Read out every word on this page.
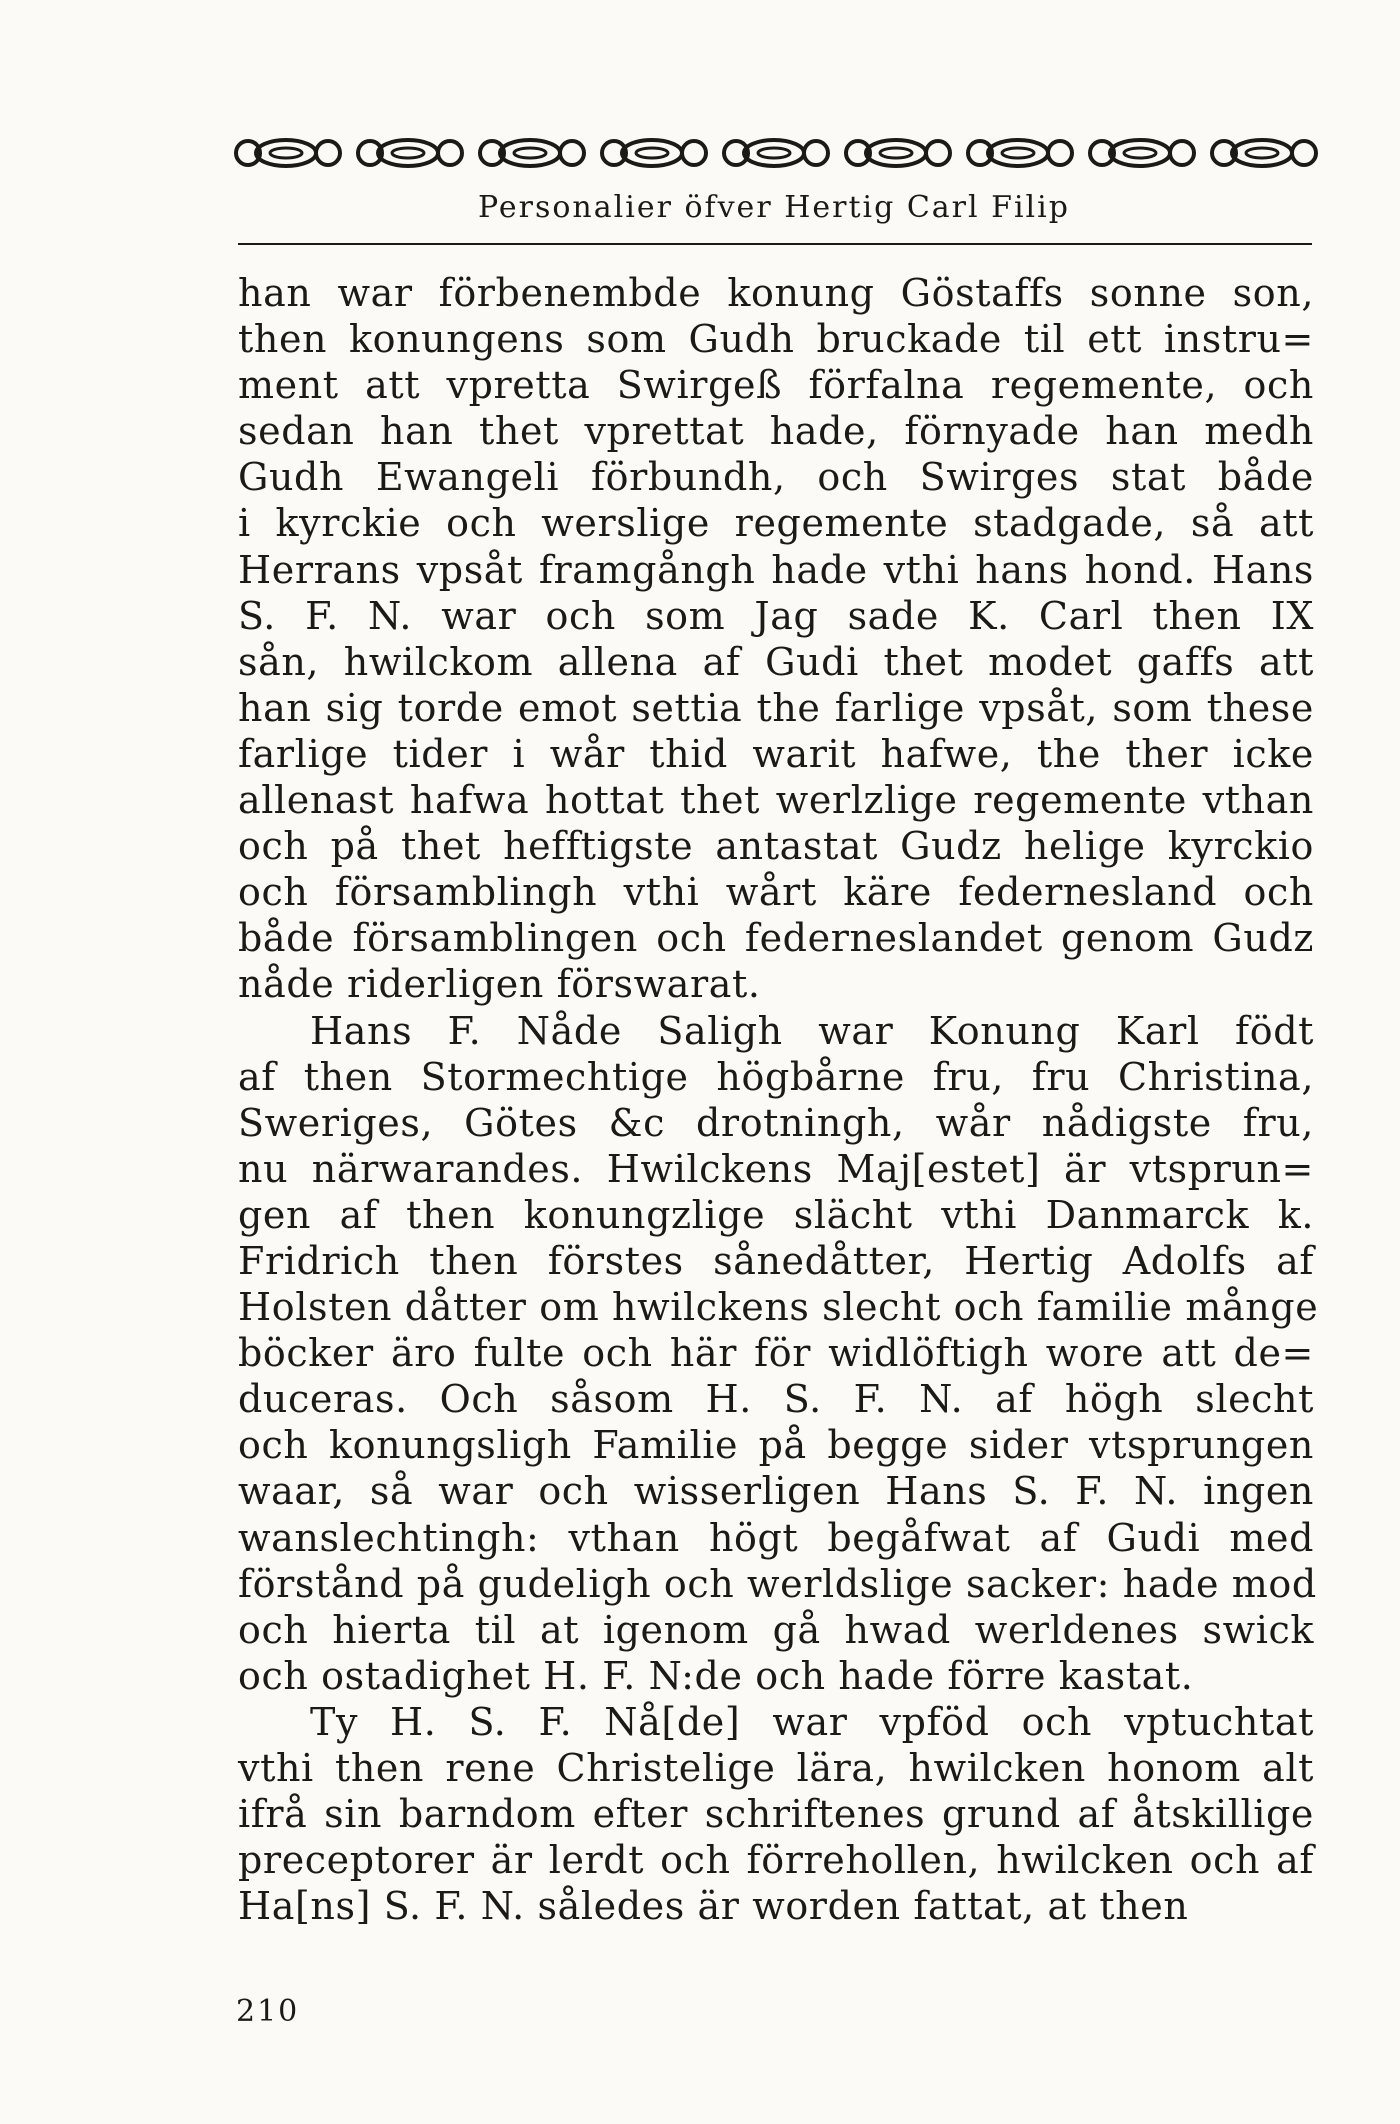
Personalier öfver Hertig Carl Filip
han war förbenembde konung Göstaffs sonne son,
then konungens som Gudh bruckade til ett instru=
ment att vpretta Swirgeß förfalna regemente, och
sedan han thet vprettat hade, förnyade han medh
Gudh Ewangeli förbundh, och Swirges stat både
i kyrckie och werslige regemente stadgade, så att
Herrans vpsåt framgångh hade vthi hans hond. Hans
S. F. N. war och som Jag sade K. Carl then IX
sån, hwilckom allena af Gudi thet modet gaffs att
han sig torde emot settia the farlige vpsåt, som these
farlige tider i wår thid warit hafwe, the ther icke
allenast hafwa hottat thet werlzlige regemente vthan
och på thet hefftigste antastat Gudz helige kyrckio
och församblingh vthi wårt käre federnesland och
både församblingen och federneslandet genom Gudz
nåde riderligen förswarat.
Hans F. Nåde Saligh war Konung Karl födt
af then Stormechtige högbårne fru, fru Christina,
Sweriges, Götes &c drotningh, wår nådigste fru,
nu närwarandes. Hwilckens Maj[estet] är vtsprun=
gen af then konungzlige slächt vthi Danmarck k.
Fridrich then förstes sånedåtter, Hertig Adolfs af
Holsten dåtter om hwilckens slecht och familie månge
böcker äro fulte och här för widlöftigh wore att de=
duceras. Och såsom H. S. F. N. af högh slecht
och konungsligh Familie på begge sider vtsprungen
waar, så war och wisserligen Hans S. F. N. ingen
wanslechtingh: vthan högt begåfwat af Gudi med
förstånd på gudeligh och werldslige sacker: hade mod
och hierta til at igenom gå hwad werldenes swick
och ostadighet H. F. N:de och hade förre kastat.
Ty H. S. F. Nå[de] war vpföd och vptuchtat
vthi then rene Christelige lära, hwilcken honom alt
ifrå sin barndom efter schriftenes grund af åtskillige
preceptorer är lerdt och förrehollen, hwilcken och af
Ha[ns] S. F. N. således är worden fattat, at then
210
